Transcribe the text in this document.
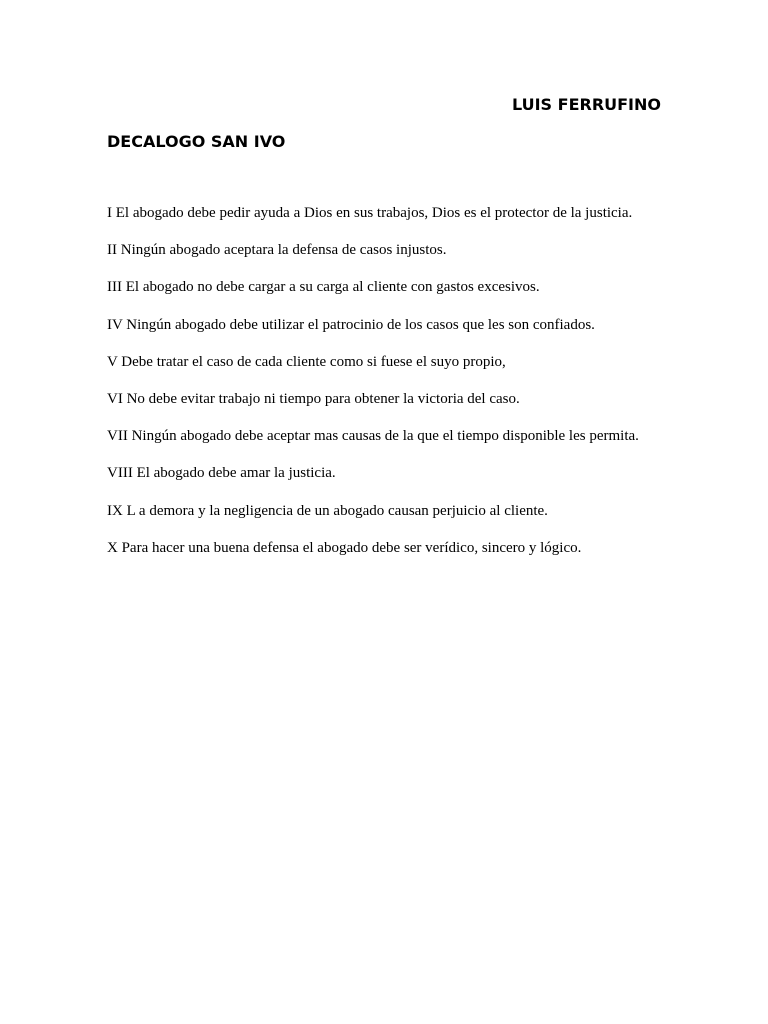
LUIS FERRUFINO

DECALOGO SAN IVO
I El abogado debe pedir ayuda a Dios en sus trabajos, Dios es el protector de la justicia.
II Ningún abogado aceptara la defensa de casos injustos.
III El abogado no debe cargar a su carga al cliente con gastos excesivos.
IV Ningún abogado debe utilizar el patrocinio de los casos que les son confiados.
V Debe tratar el caso de cada cliente como si fuese el suyo propio,
VI No debe evitar trabajo ni tiempo para obtener la victoria del caso.
VII Ningún abogado debe aceptar mas causas de la que el tiempo disponible les permita.
VIII El abogado debe amar la justicia.
IX L a demora y la negligencia de un abogado causan perjuicio al cliente.
X Para hacer una buena defensa el abogado debe ser verídico, sincero y lógico.
